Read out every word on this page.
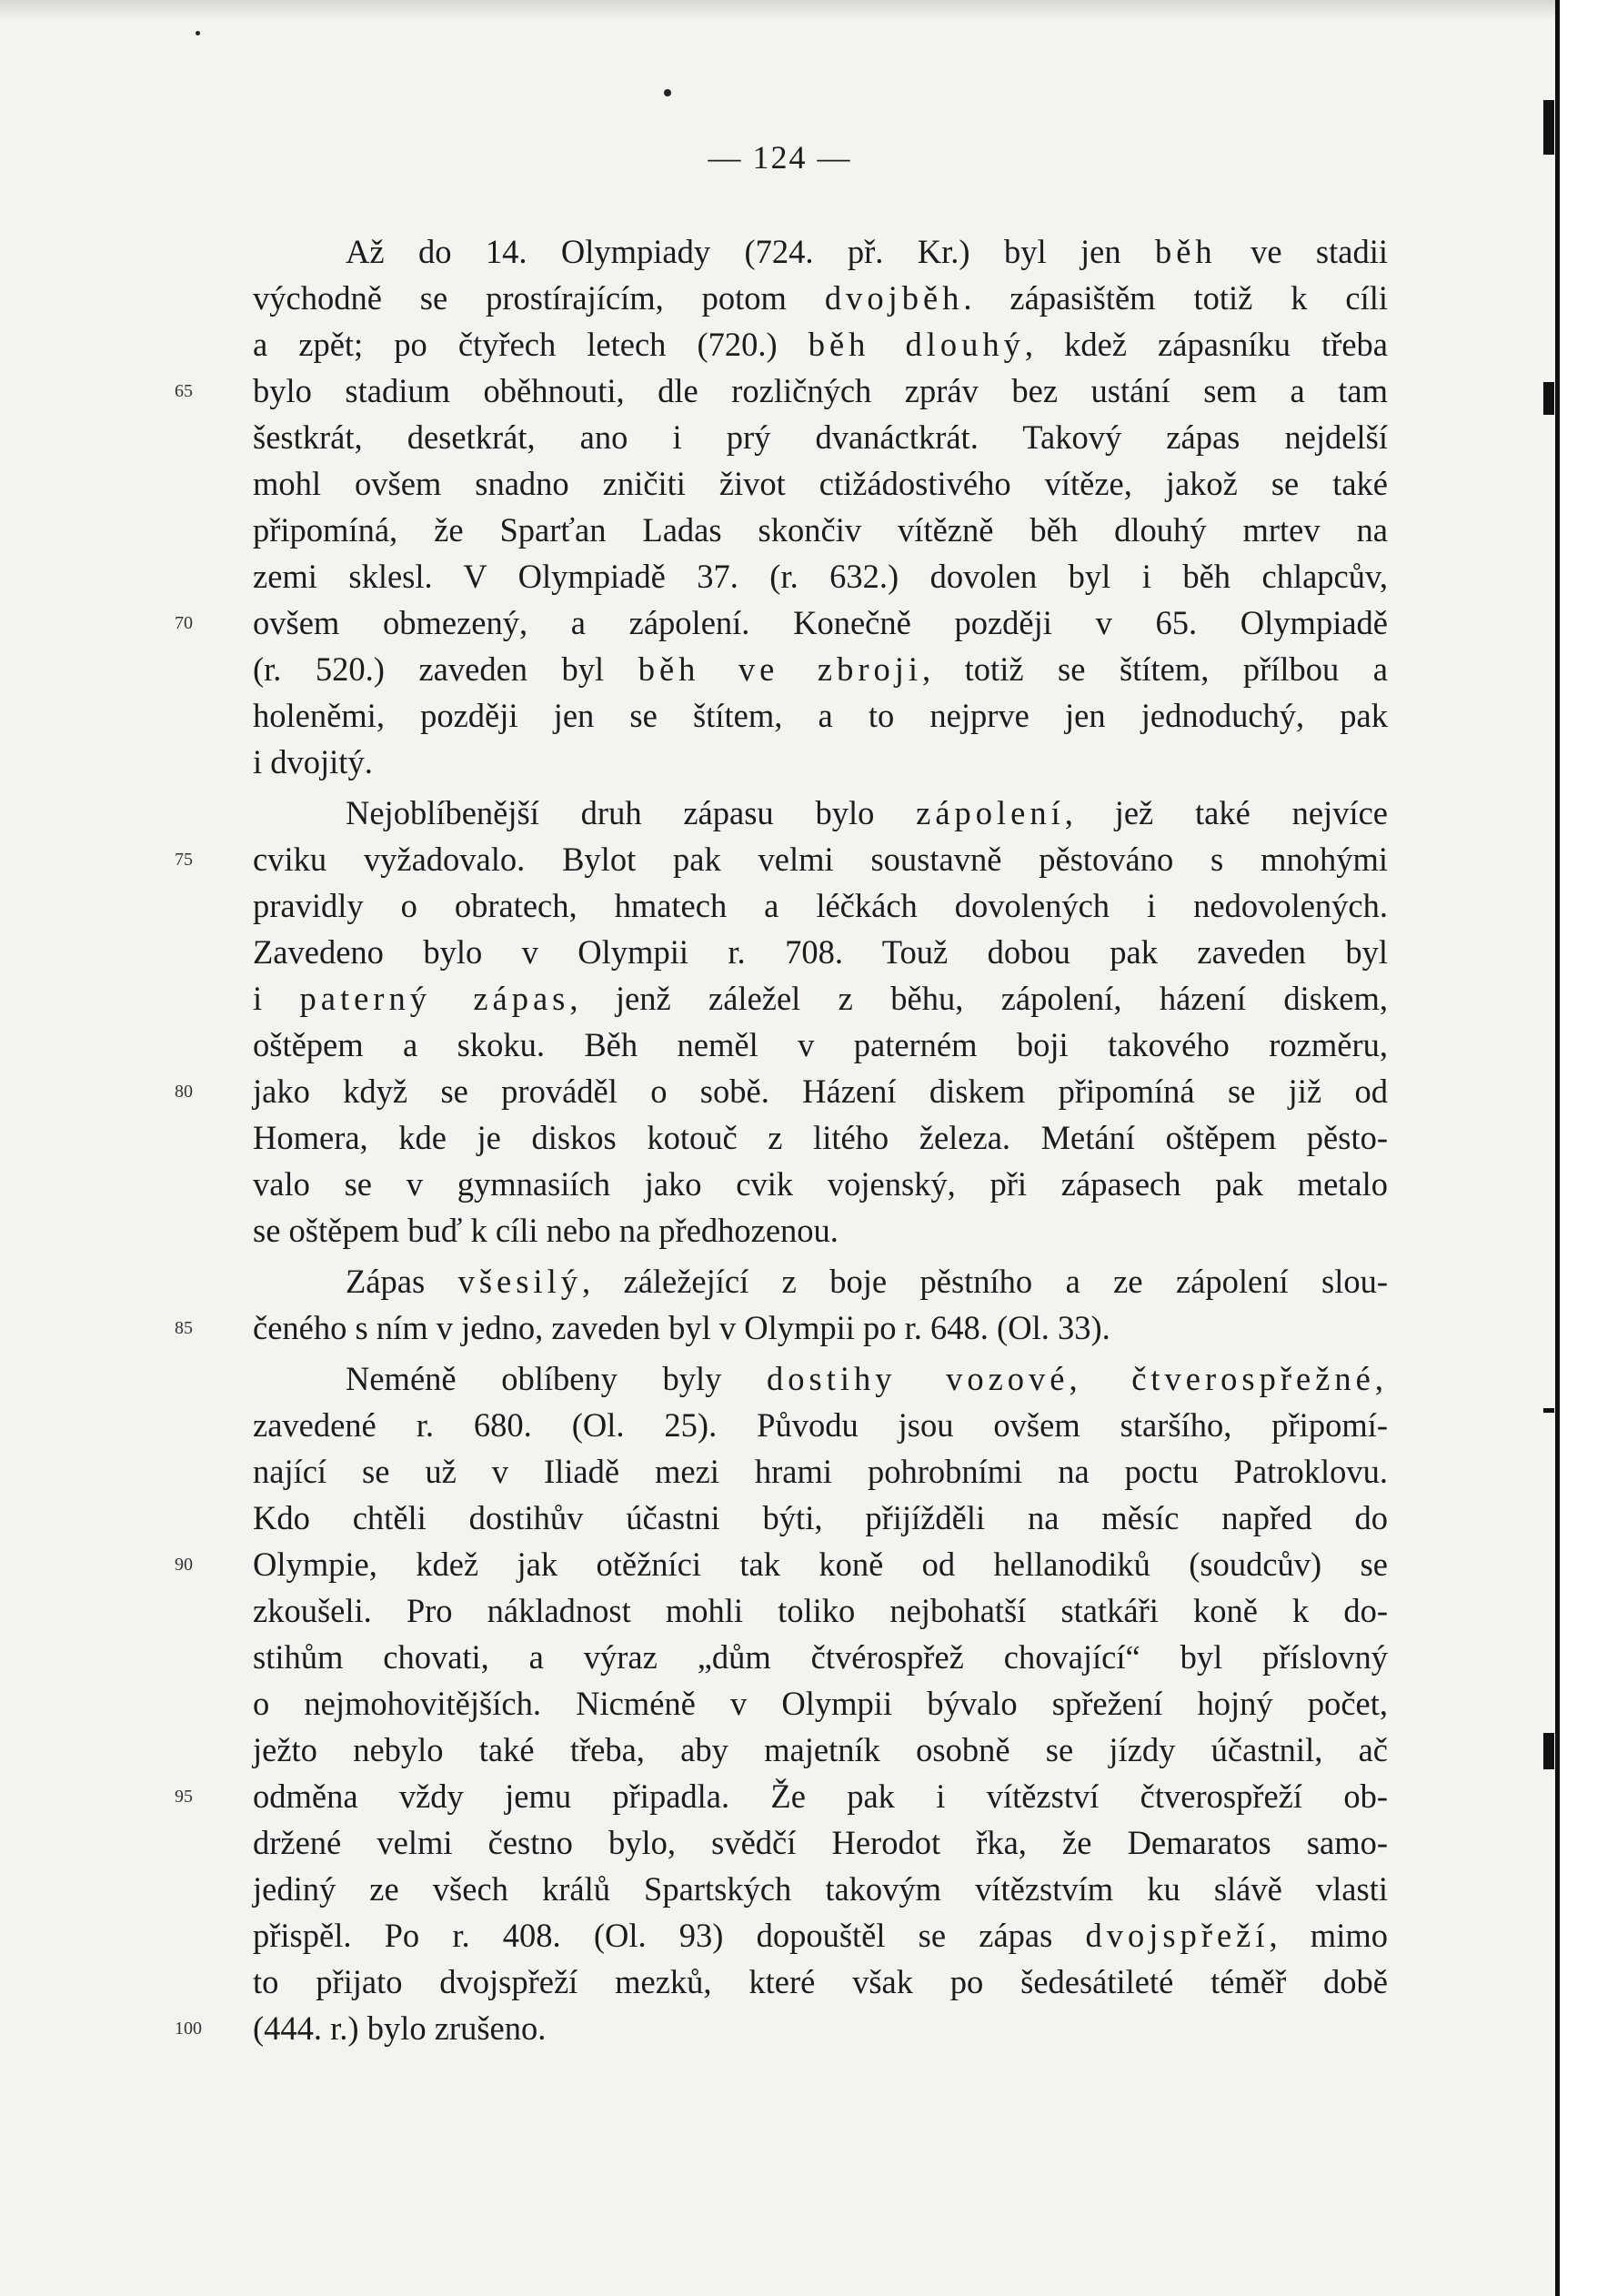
— 124 —
Až do 14. Olympiady (724. př. Kr.) byl jen běh ve stadii
východně se prostírajícím, potom dvojběh. zápasištěm totiž k cíli
a zpět; po čtyřech letech (720.) běh dlouhý, kdež zápasníku třeba
bylo stadium oběhnouti, dle rozličných zpráv bez ustání sem a tam
šestkrát, desetkrát, ano i prý dvanáctkrát. Takový zápas nejdelší
mohl ovšem snadno zničiti život ctižádostivého vítěze, jakož se také
připomíná, že Sparťan Ladas skončiv vítězně běh dlouhý mrtev na
zemi sklesl. V Olympiadě 37. (r. 632.) dovolen byl i běh chlapcův,
ovšem obmezený, a zápolení. Konečně později v 65. Olympiadě
(r. 520.) zaveden byl běh ve zbroji, totiž se štítem, přílbou a
holeněmi, později jen se štítem, a to nejprve jen jednoduchý, pak
i dvojitý.
Nejoblíbenější druh zápasu bylo zápolení, jež také nejvíce
cviku vyžadovalo. Bylot pak velmi soustavně pěstováno s mnohými
pravidly o obratech, hmatech a léčkách dovolených i nedovolených.
Zavedeno bylo v Olympii r. 708. Touž dobou pak zaveden byl
i paterný zápas, jenž záležel z běhu, zápolení, házení diskem,
oštěpem a skoku. Běh neměl v paterném boji takového rozměru,
jako když se prováděl o sobě. Házení diskem připomíná se již od
Homera, kde je diskos kotouč z litého železa. Metání oštěpem pěsto-
valo se v gymnasiích jako cvik vojenský, při zápasech pak metalo
se oštěpem buď k cíli nebo na předhozenou.
Zápas všesilý, záležející z boje pěstního a ze zápolení slou-
čeného s ním v jedno, zaveden byl v Olympii po r. 648. (Ol. 33).
Neméně oblíbeny byly dostihy vozové, čtverospřežné,
zavedené r. 680. (Ol. 25). Původu jsou ovšem staršího, připomí-
nající se už v Iliadě mezi hrami pohrobními na poctu Patroklovu.
Kdo chtěli dostihův účastni býti, přijížděli na měsíc napřed do
Olympie, kdež jak otěžníci tak koně od hellanodiků (soudcův) se
zkoušeli. Pro nákladnost mohli toliko nejbohatší statkáři koně k do-
stihům chovati, a výraz „dům čtvérospřež chovající“ byl příslovný
o nejmohovitějších. Nicméně v Olympii bývalo spřežení hojný počet,
ježto nebylo také třeba, aby majetník osobně se jízdy účastnil, ač
odměna vždy jemu připadla. Že pak i vítězství čtverospřeží ob-
držené velmi čestno bylo, svědčí Herodot řka, že Demaratos samo-
jediný ze všech králů Spartských takovým vítězstvím ku slávě vlasti
přispěl. Po r. 408. (Ol. 93) dopouštěl se zápas dvojspřeží, mimo
to přijato dvojspřeží mezků, které však po šedesátileté téměř době
(444. r.) bylo zrušeno.
65
70
75
80
85
90
95
100
